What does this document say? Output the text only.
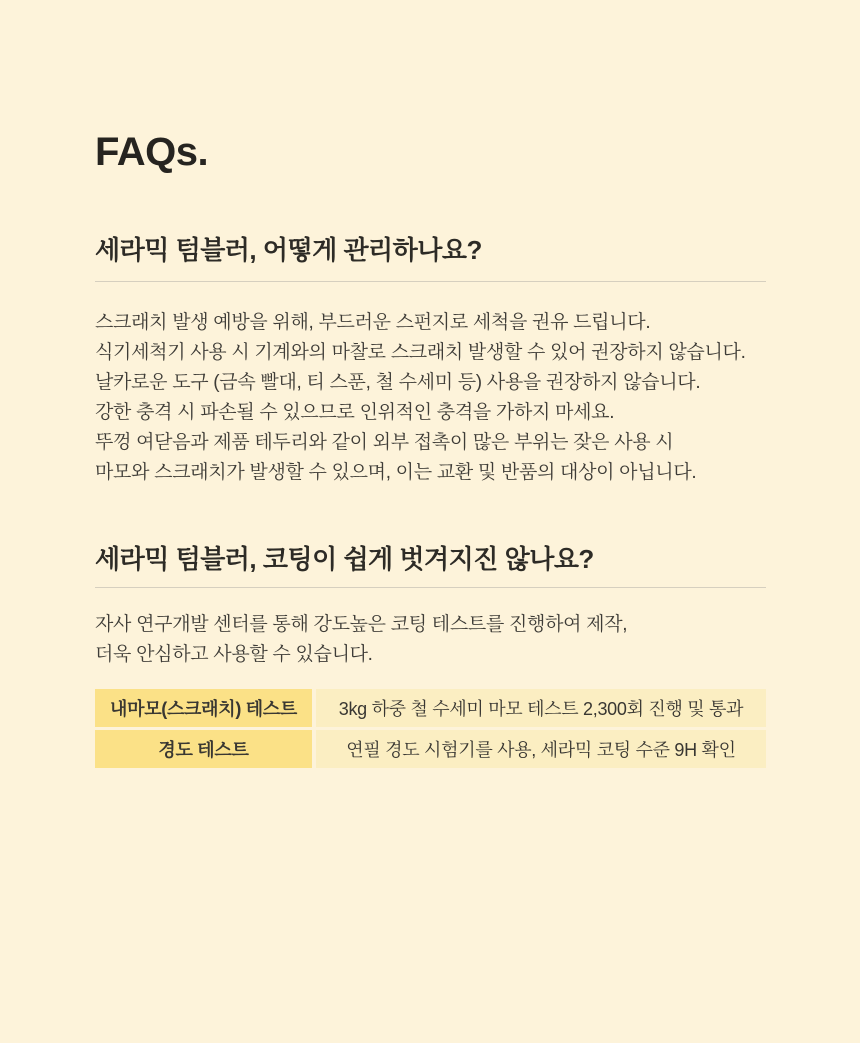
FAQs.
세라믹 텀블러, 어떻게 관리하나요?
스크래치 발생 예방을 위해, 부드러운 스펀지로 세척을 권유 드립니다.
식기세척기 사용 시 기계와의 마찰로 스크래치 발생할 수 있어 권장하지 않습니다.
날카로운 도구 (금속 빨대, 티 스푼, 철 수세미 등) 사용을 권장하지 않습니다.
강한 충격 시 파손될 수 있으므로 인위적인 충격을 가하지 마세요.
뚜껑 여닫음과 제품 테두리와 같이 외부 접촉이 많은 부위는 잦은 사용 시
마모와 스크래치가 발생할 수 있으며, 이는 교환 및 반품의 대상이 아닙니다.
세라믹 텀블러, 코팅이 쉽게 벗겨지진 않나요?
자사 연구개발 센터를 통해 강도높은 코팅 테스트를 진행하여 제작,
더욱 안심하고 사용할 수 있습니다.
내마모(스크래치) 테스트	3kg 하중 철 수세미 마모 테스트 2,300회 진행 및 통과
경도 테스트	연필 경도 시험기를 사용, 세라믹 코팅 수준 9H 확인
